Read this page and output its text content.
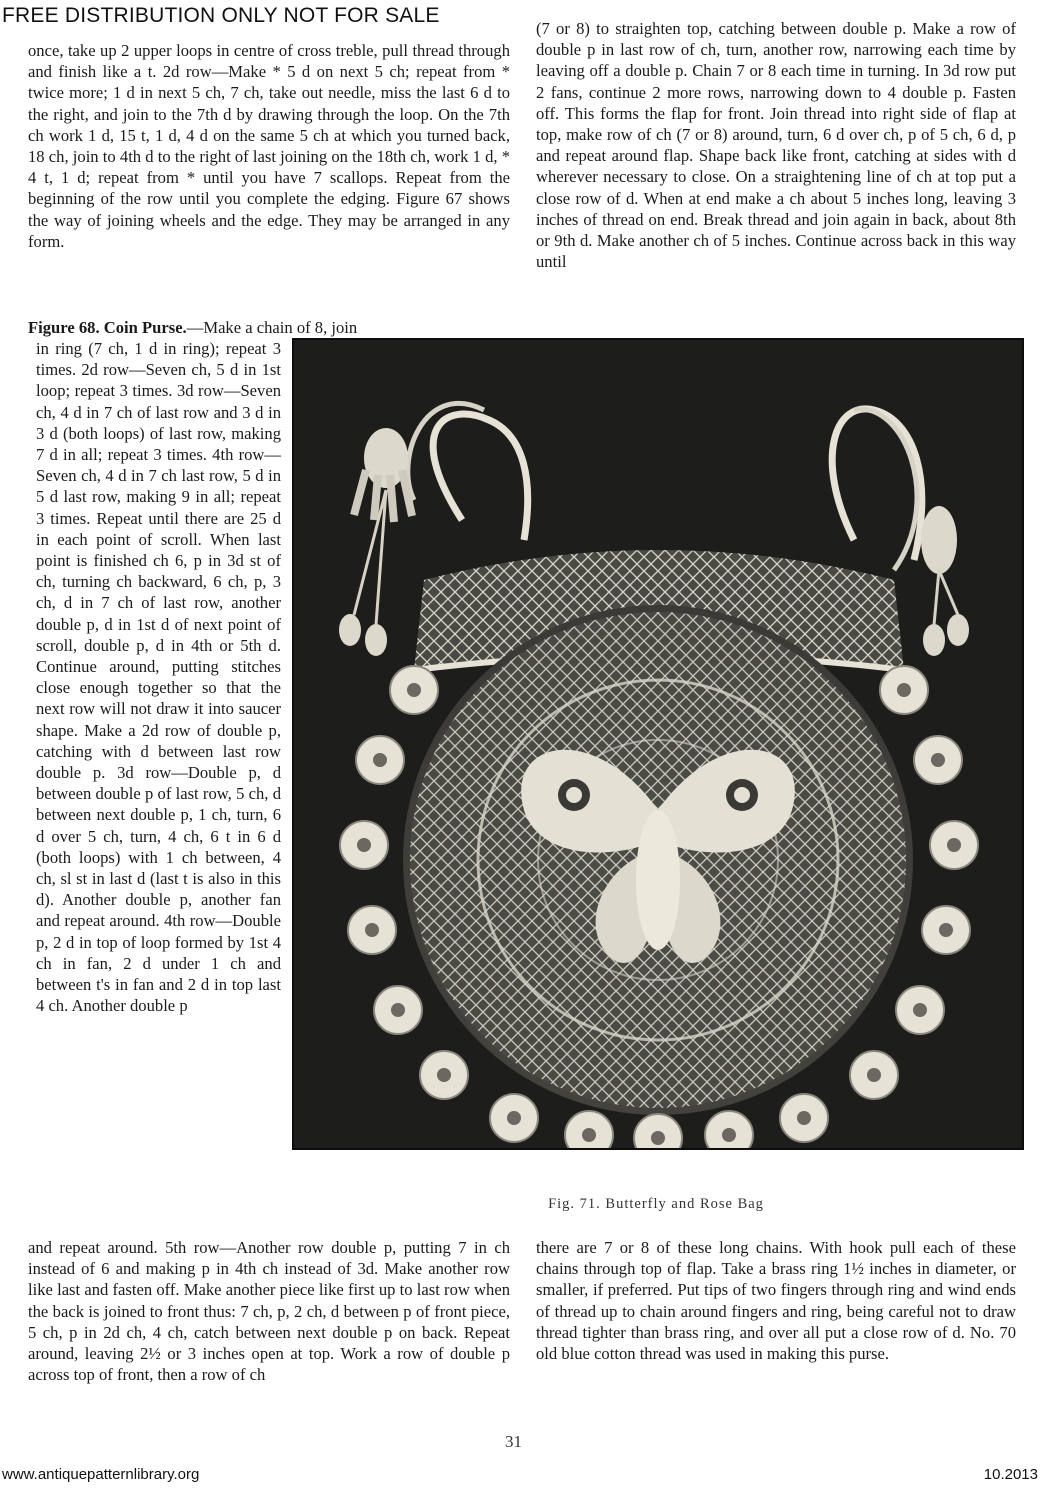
FREE DISTRIBUTION ONLY NOT FOR SALE
once, take up 2 upper loops in centre of cross treble, pull thread through and finish like a t. 2d row—Make * 5 d on next 5 ch; repeat from * twice more; 1 d in next 5 ch, 7 ch, take out needle, miss the last 6 d to the right, and join to the 7th d by drawing through the loop. On the 7th ch work 1 d, 15 t, 1 d, 4 d on the same 5 ch at which you turned back, 18 ch, join to 4th d to the right of last joining on the 18th ch, work 1 d, * 4 t, 1 d; repeat from * until you have 7 scallops. Repeat from the beginning of the row until you complete the edging. Figure 67 shows the way of joining wheels and the edge. They may be arranged in any form.
(7 or 8) to straighten top, catching between double p. Make a row of double p in last row of ch, turn, another row, narrowing each time by leaving off a double p. Chain 7 or 8 each time in turning. In 3d row put 2 fans, continue 2 more rows, narrowing down to 4 double p. Fasten off. This forms the flap for front. Join thread into right side of flap at top, make row of ch (7 or 8) around, turn, 6 d over ch, p of 5 ch, 6 d, p and repeat around flap. Shape back like front, catching at sides with d wherever necessary to close. On a straightening line of ch at top put a close row of d. When at end make a ch about 5 inches long, leaving 3 inches of thread on end. Break thread and join again in back, about 8th or 9th d. Make another ch of 5 inches. Continue across back in this way until
Figure 68. Coin Purse.—Make a chain of 8, join
in ring (7 ch, 1 d in ring); repeat 3 times. 2d row—Seven ch, 5 d in 1st loop; repeat 3 times. 3d row—Seven ch, 4 d in 7 ch of last row and 3 d in 3 d (both loops) of last row, making 7 d in all; repeat 3 times. 4th row—Seven ch, 4 d in 7 ch last row, 5 d in 5 d last row, making 9 in all; repeat 3 times. Repeat until there are 25 d in each point of scroll. When last point is finished ch 6, p in 3d st of ch, turning ch backward, 6 ch, p, 3 ch, d in 7 ch of last row, another double p, d in 1st d of next point of scroll, double p, d in 4th or 5th d. Continue around, putting stitches close enough together so that the next row will not draw it into saucer shape. Make a 2d row of double p, catching with d between last row double p. 3d row—Double p, d between double p of last row, 5 ch, d between next double p, 1 ch, turn, 6 d over 5 ch, turn, 4 ch, 6 t in 6 d (both loops) with 1 ch between, 4 ch, sl st in last d (last t is also in this d). Another double p, another fan and repeat around. 4th row—Double p, 2 d in top of loop formed by 1st 4 ch in fan, 2 d under 1 ch and between t's in fan and 2 d in top last 4 ch. Another double p
Fig. 71. Butterfly and Rose Bag
and repeat around. 5th row—Another row double p, putting 7 in ch instead of 6 and making p in 4th ch instead of 3d. Make another row like last and fasten off. Make another piece like first up to last row when the back is joined to front thus: 7 ch, p, 2 ch, d between p of front piece, 5 ch, p in 2d ch, 4 ch, catch between next double p on back. Repeat around, leaving 2½ or 3 inches open at top. Work a row of double p across top of front, then a row of ch
there are 7 or 8 of these long chains. With hook pull each of these chains through top of flap. Take a brass ring 1½ inches in diameter, or smaller, if preferred. Put tips of two fingers through ring and wind ends of thread up to chain around fingers and ring, being careful not to draw thread tighter than brass ring, and over all put a close row of d. No. 70 old blue cotton thread was used in making this purse.
31
www.antiquepatternlibrary.org	10.2013
